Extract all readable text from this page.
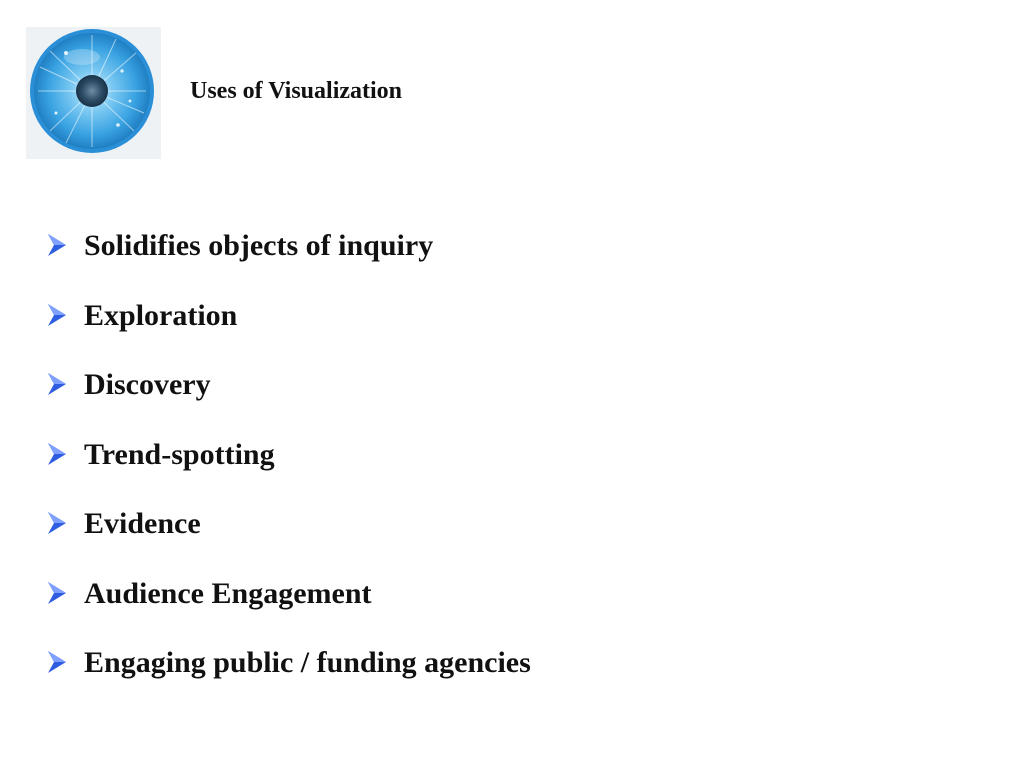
Uses of Visualization
Solidifies objects of inquiry
Exploration
Discovery
Trend-spotting
Evidence
Audience Engagement
Engaging public / funding agencies
